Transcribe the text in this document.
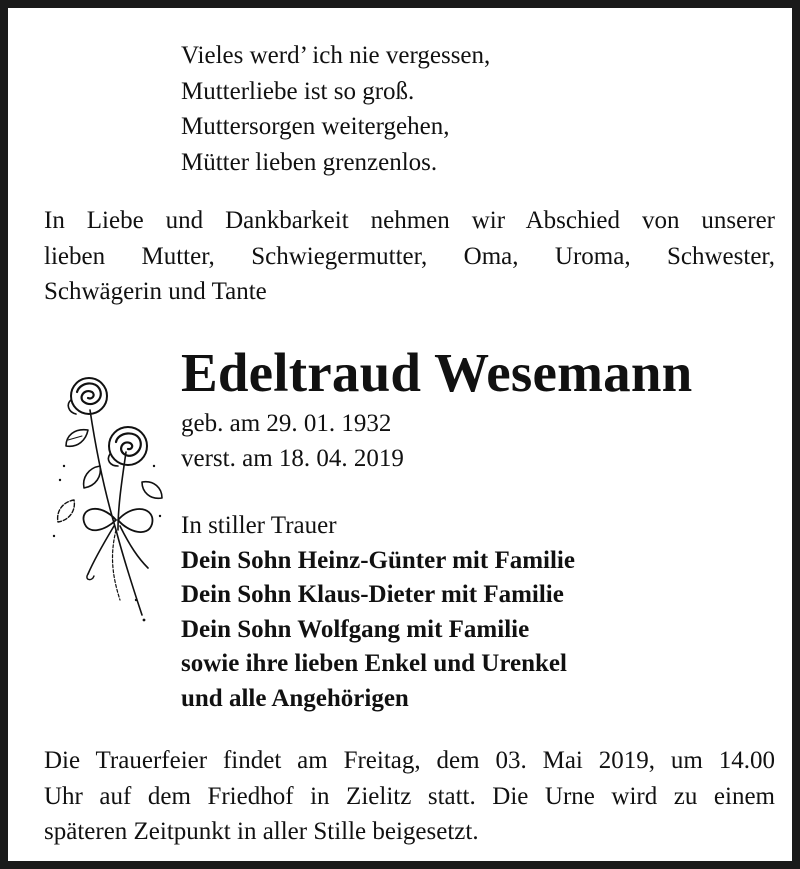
Vieles werd’ ich nie vergessen,
Mutterliebe ist so groß.
Muttersorgen weitergehen,
Mütter lieben grenzenlos.
In Liebe und Dankbarkeit nehmen wir Abschied von unserer
lieben Mutter, Schwiegermutter, Oma, Uroma, Schwester,
Schwägerin und Tante
Edeltraud Wesemann
geb. am 29. 01. 1932
verst. am 18. 04. 2019
In stiller Trauer
Dein Sohn Heinz-Günter mit Familie
Dein Sohn Klaus-Dieter mit Familie
Dein Sohn Wolfgang mit Familie
sowie ihre lieben Enkel und Urenkel
und alle Angehörigen
Die Trauerfeier findet am Freitag, dem 03. Mai 2019, um 14.00
Uhr auf dem Friedhof in Zielitz statt. Die Urne wird zu einem
späteren Zeitpunkt in aller Stille beigesetzt.
